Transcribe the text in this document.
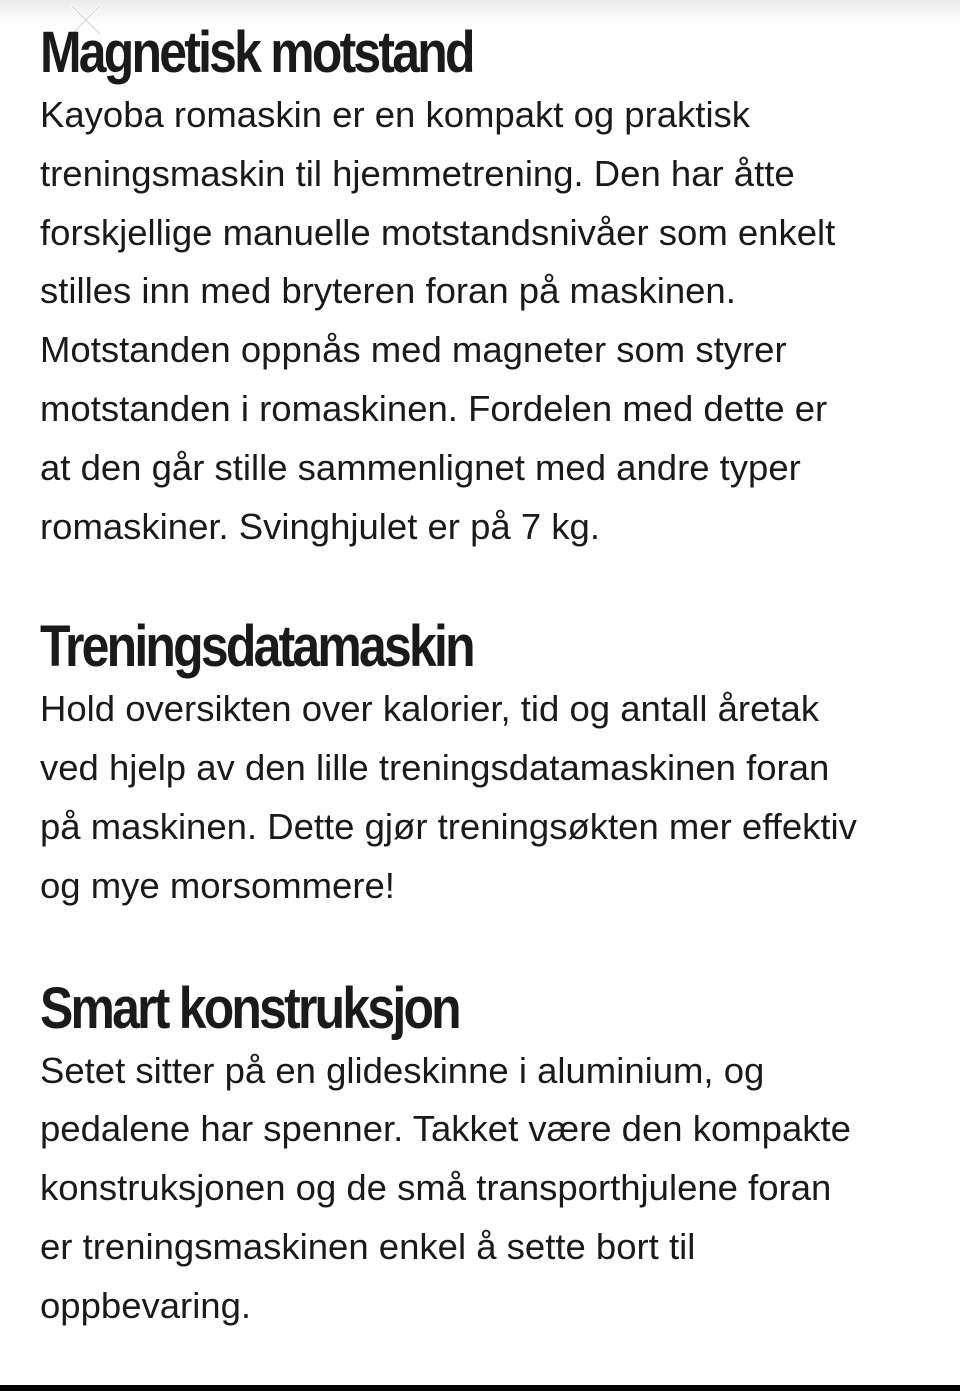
Magnetisk motstand
Kayoba romaskin er en kompakt og praktisk
treningsmaskin til hjemmetrening. Den har åtte
forskjellige manuelle motstandsnivåer som enkelt
stilles inn med bryteren foran på maskinen.
Motstanden oppnås med magneter som styrer
motstanden i romaskinen. Fordelen med dette er
at den går stille sammenlignet med andre typer
romaskiner. Svinghjulet er på 7 kg.
Treningsdatamaskin
Hold oversikten over kalorier, tid og antall åretak
ved hjelp av den lille treningsdatamaskinen foran
på maskinen. Dette gjør treningsøkten mer effektiv
og mye morsommere!
Smart konstruksjon
Setet sitter på en glideskinne i aluminium, og
pedalene har spenner. Takket være den kompakte
konstruksjonen og de små transporthjulene foran
er treningsmaskinen enkel å sette bort til
oppbevaring.
